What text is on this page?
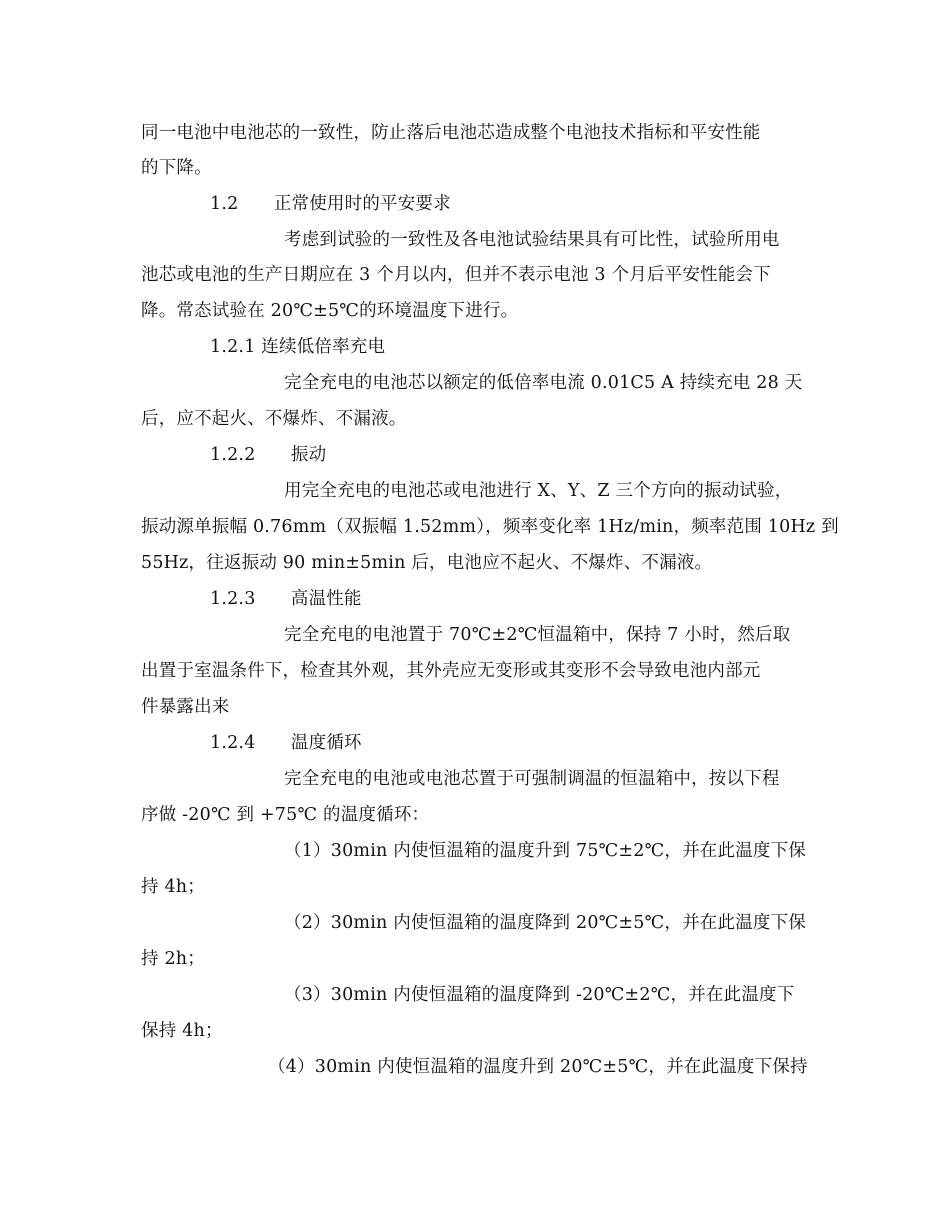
同一电池中电池芯的一致性，防止落后电池芯造成整个电池技术指标和平安性能
的下降。
1.2　　正常使用时的平安要求
考虑到试验的一致性及各电池试验结果具有可比性，试验所用电
池芯或电池的生产日期应在 3 个月以内，但并不表示电池 3 个月后平安性能会下
降。常态试验在 20℃±5℃的环境温度下进行。
1.2.1 连续低倍率充电
完全充电的电池芯以额定的低倍率电流 0.01C5 A 持续充电 28 天
后，应不起火、不爆炸、不漏液。
1.2.2　　振动
用完全充电的电池芯或电池进行 X、Y、Z 三个方向的振动试验，
振动源单振幅 0.76mm（双振幅 1.52mm），频率变化率 1Hz/min，频率范围 10Hz 到
55Hz，往返振动 90 min±5min 后，电池应不起火、不爆炸、不漏液。
1.2.3　　高温性能
完全充电的电池置于 70℃±2℃恒温箱中，保持 7 小时，然后取
出置于室温条件下，检查其外观，其外壳应无变形或其变形不会导致电池内部元
件暴露出来
1.2.4　　温度循环
完全充电的电池或电池芯置于可强制调温的恒温箱中，按以下程
序做 -20℃ 到 +75℃ 的温度循环：
（1）30min 内使恒温箱的温度升到 75℃±2℃，并在此温度下保
持 4h；
（2）30min 内使恒温箱的温度降到 20℃±5℃，并在此温度下保
持 2h；
（3）30min 内使恒温箱的温度降到 -20℃±2℃，并在此温度下
保持 4h；
（4）30min 内使恒温箱的温度升到 20℃±5℃，并在此温度下保持
